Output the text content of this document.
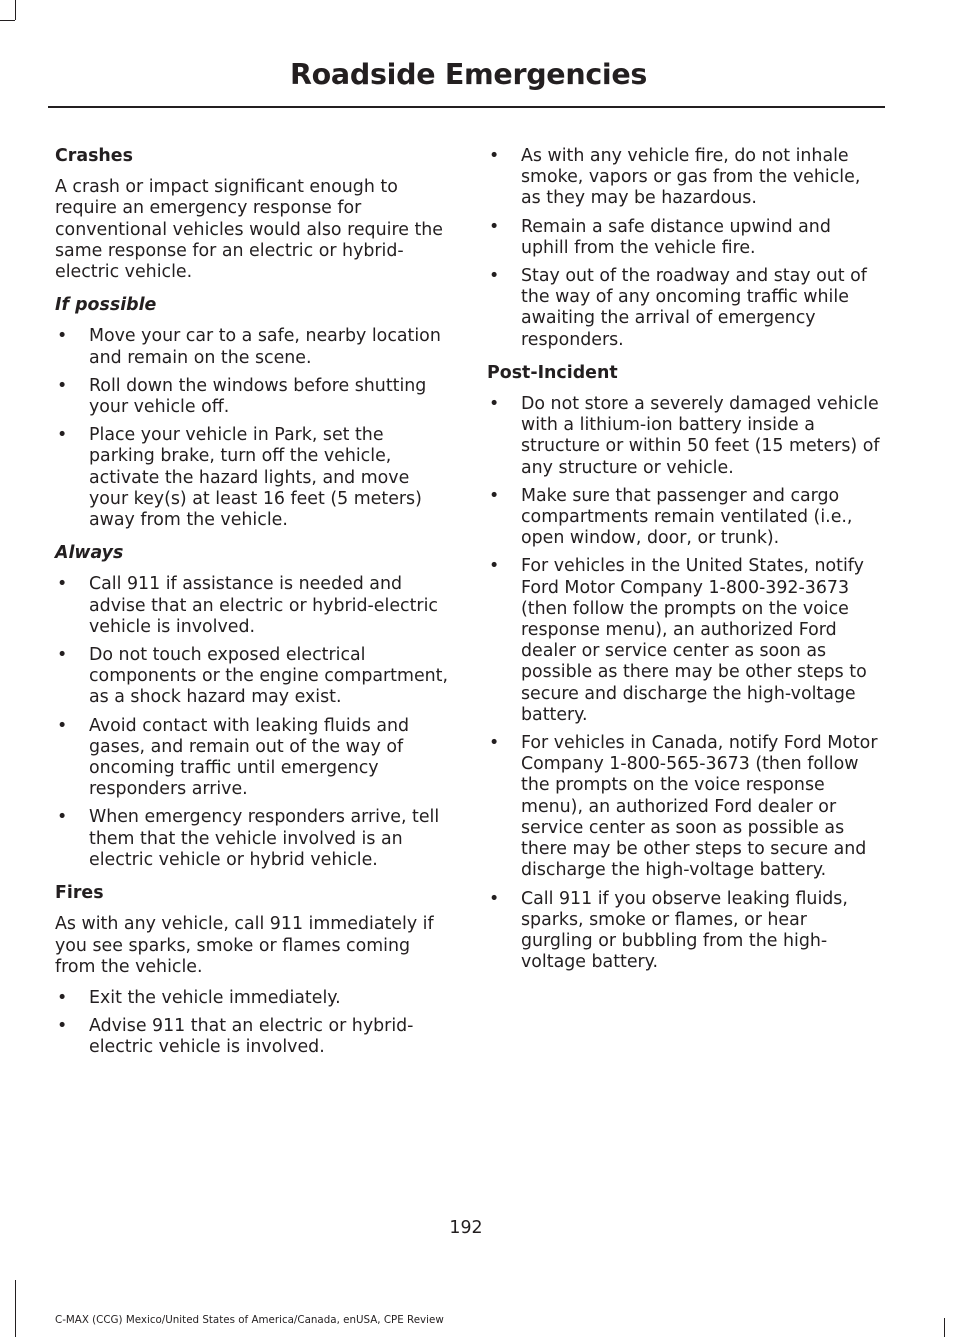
Roadside Emergencies
Crashes
A crash or impact significant enough to require an emergency response for conventional vehicles would also require the same response for an electric or hybrid-electric vehicle.
If possible
• Move your car to a safe, nearby location and remain on the scene.
• Roll down the windows before shutting your vehicle off.
• Place your vehicle in Park, set the parking brake, turn off the vehicle, activate the hazard lights, and move your key(s) at least 16 feet (5 meters) away from the vehicle.
Always
• Call 911 if assistance is needed and advise that an electric or hybrid-electric vehicle is involved.
• Do not touch exposed electrical components or the engine compartment, as a shock hazard may exist.
• Avoid contact with leaking fluids and gases, and remain out of the way of oncoming traffic until emergency responders arrive.
• When emergency responders arrive, tell them that the vehicle involved is an electric vehicle or hybrid vehicle.
Fires
As with any vehicle, call 911 immediately if you see sparks, smoke or flames coming from the vehicle.
• Exit the vehicle immediately.
• Advise 911 that an electric or hybrid-electric vehicle is involved.
• As with any vehicle fire, do not inhale smoke, vapors or gas from the vehicle, as they may be hazardous.
• Remain a safe distance upwind and uphill from the vehicle fire.
• Stay out of the roadway and stay out of the way of any oncoming traffic while awaiting the arrival of emergency responders.
Post-Incident
• Do not store a severely damaged vehicle with a lithium-ion battery inside a structure or within 50 feet (15 meters) of any structure or vehicle.
• Make sure that passenger and cargo compartments remain ventilated (i.e., open window, door, or trunk).
• For vehicles in the United States, notify Ford Motor Company 1-800-392-3673 (then follow the prompts on the voice response menu), an authorized Ford dealer or service center as soon as possible as there may be other steps to secure and discharge the high-voltage battery.
• For vehicles in Canada, notify Ford Motor Company 1-800-565-3673 (then follow the prompts on the voice response menu), an authorized Ford dealer or service center as soon as possible as there may be other steps to secure and discharge the high-voltage battery.
• Call 911 if you observe leaking fluids, sparks, smoke or flames, or hear gurgling or bubbling from the high-voltage battery.
192
C-MAX (CCG) Mexico/United States of America/Canada, enUSA, CPE Review
